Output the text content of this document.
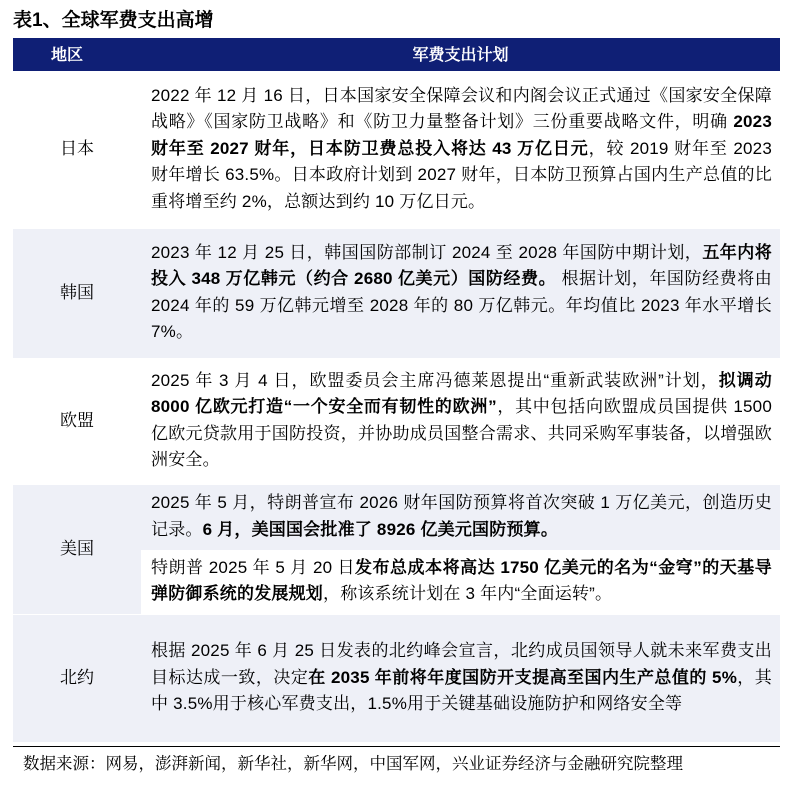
表1、全球军费支出高增
地区	军费支出计划
日本	2022 年 12 月 16 日，日本国家安全保障会议和内阁会议正式通过《国家安全保障战略》《国家防卫战略》和《防卫力量整备计划》三份重要战略文件，明确 2023 财年至 2027 财年，日本防卫费总投入将达 43 万亿日元，较 2019 财年至 2023 财年增长 63.5%。日本政府计划到 2027 财年，日本防卫预算占国内生产总值的比重将增至约 2%，总额达到约 10 万亿日元。
韩国	2023 年 12 月 25 日，韩国国防部制订 2024 至 2028 年国防中期计划，五年内将投入 348 万亿韩元（约合 2680 亿美元）国防经费。 根据计划，年国防经费将由 2024 年的 59 万亿韩元增至 2028 年的 80 万亿韩元。年均值比 2023 年水平增长 7%。
欧盟	2025 年 3 月 4 日，欧盟委员会主席冯德莱恩提出“重新武装欧洲”计划，拟调动 8000 亿欧元打造“一个安全而有韧性的欧洲”，其中包括向欧盟成员国提供 1500 亿欧元贷款用于国防投资，并协助成员国整合需求、共同采购军事装备，以增强欧洲安全。
美国	2025 年 5 月，特朗普宣布 2026 财年国防预算将首次突破 1 万亿美元，创造历史记录。6 月，美国国会批准了 8926 亿美元国防预算。
	特朗普 2025 年 5 月 20 日发布总成本将高达 1750 亿美元的名为“金穹”的天基导弹防御系统的发展规划，称该系统计划在 3 年内“全面运转”。
北约	根据 2025 年 6 月 25 日发表的北约峰会宣言，北约成员国领导人就未来军费支出目标达成一致，决定在 2035 年前将年度国防开支提高至国内生产总值的 5%，其中 3.5%用于核心军费支出，1.5%用于关键基础设施防护和网络安全等
数据来源：网易，澎湃新闻，新华社，新华网，中国军网，兴业证券经济与金融研究院整理
